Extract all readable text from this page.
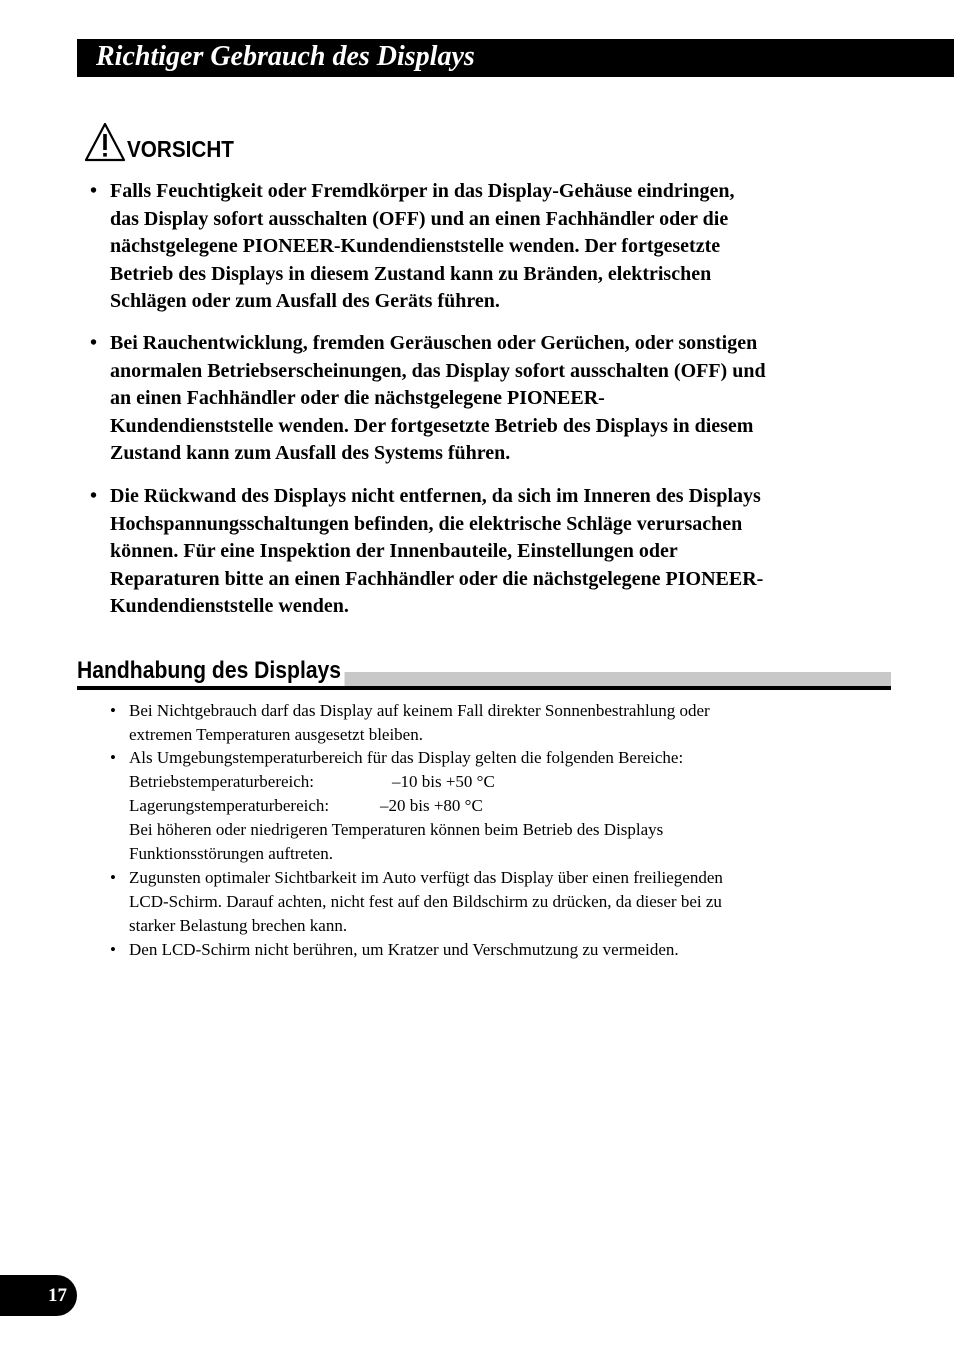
Richtiger Gebrauch des Displays
VORSICHT
• Falls Feuchtigkeit oder Fremdkörper in das Display-Gehäuse eindringen,
das Display sofort ausschalten (OFF) und an einen Fachhändler oder die
nächstgelegene PIONEER-Kundendienststelle wenden. Der fortgesetzte
Betrieb des Displays in diesem Zustand kann zu Bränden, elektrischen
Schlägen oder zum Ausfall des Geräts führen.
• Bei Rauchentwicklung, fremden Geräuschen oder Gerüchen, oder sonstigen
anormalen Betriebserscheinungen, das Display sofort ausschalten (OFF) und
an einen Fachhändler oder die nächstgelegene PIONEER-
Kundendienststelle wenden. Der fortgesetzte Betrieb des Displays in diesem
Zustand kann zum Ausfall des Systems führen.
• Die Rückwand des Displays nicht entfernen, da sich im Inneren des Displays
Hochspannungsschaltungen befinden, die elektrische Schläge verursachen
können. Für eine Inspektion der Innenbauteile, Einstellungen oder
Reparaturen bitte an einen Fachhändler oder die nächstgelegene PIONEER-
Kundendienststelle wenden.
Handhabung des Displays
• Bei Nichtgebrauch darf das Display auf keinem Fall direkter Sonnenbestrahlung oder
extremen Temperaturen ausgesetzt bleiben.
• Als Umgebungstemperaturbereich für das Display gelten die folgenden Bereiche:
Betriebstemperaturbereich:	–10 bis +50 °C
Lagerungstemperaturbereich:	–20 bis +80 °C
Bei höheren oder niedrigeren Temperaturen können beim Betrieb des Displays
Funktionsstörungen auftreten.
• Zugunsten optimaler Sichtbarkeit im Auto verfügt das Display über einen freiliegenden
LCD-Schirm. Darauf achten, nicht fest auf den Bildschirm zu drücken, da dieser bei zu
starker Belastung brechen kann.
• Den LCD-Schirm nicht berühren, um Kratzer und Verschmutzung zu vermeiden.
17
